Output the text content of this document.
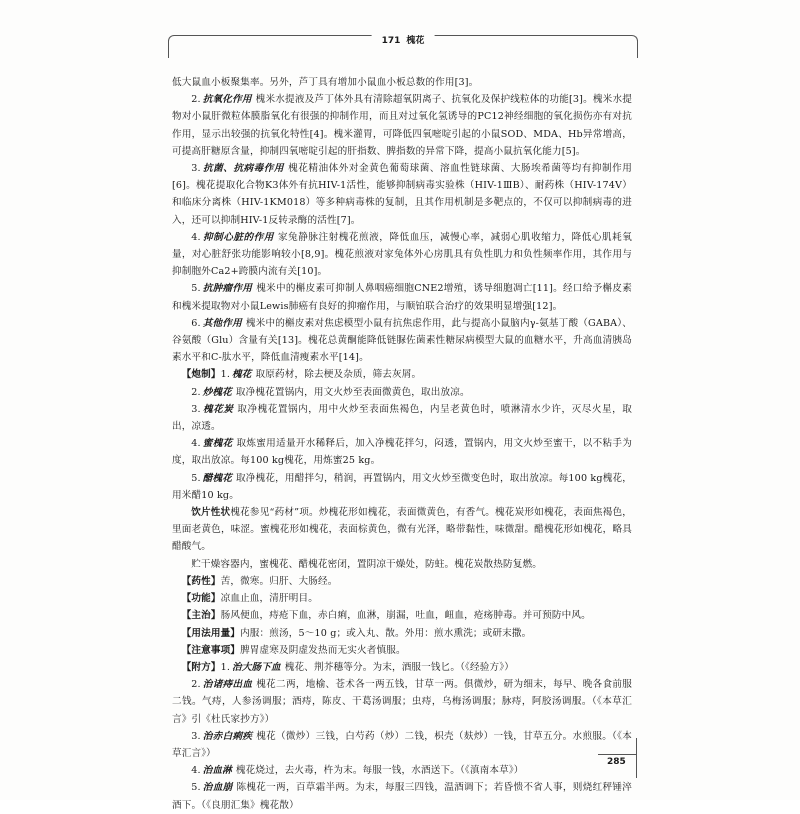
171 槐花

低大鼠血小板聚集率。另外，芦丁具有增加小鼠血小板总数的作用[3]。

2. 抗氧化作用 槐米水提液及芦丁体外具有清除超氧阴离子、抗氧化及保护线粒体的功能[3]。槐米水提物对小鼠肝微粒体膜脂氧化有很强的抑制作用，而且对过氧化氢诱导的PC12神经细胞的氧化损伤亦有对抗作用，显示出较强的抗氧化特性[4]。槐米灌胃，可降低四氧嘧啶引起的小鼠SOD、MDA、Hb异常增高，可提高肝糖原含量，抑制四氧嘧啶引起的肝指数、脾指数的异常下降，提高小鼠抗氧化能力[5]。

3. 抗菌、抗病毒作用 槐花精油体外对金黄色葡萄球菌、溶血性链球菌、大肠埃希菌等均有抑制作用[6]。槐花提取化合物K3体外有抗HIV-1活性，能够抑制病毒实验株（HIV-1ⅢB）、耐药株（HIV-174V）和临床分离株（HIV-1KM018）等多种病毒株的复制，且其作用机制是多靶点的，不仅可以抑制病毒的进入，还可以抑制HIV-1反转录酶的活性[7]。

4. 抑制心脏的作用 家兔静脉注射槐花煎液，降低血压，减慢心率，减弱心肌收缩力，降低心肌耗氧量，对心脏舒张功能影响较小[8,9]。槐花煎液对家兔体外心房肌具有负性肌力和负性频率作用，其作用与抑制胞外Ca2+跨膜内流有关[10]。

5. 抗肿瘤作用 槐米中的槲皮素可抑制人鼻咽癌细胞CNE2增殖，诱导细胞凋亡[11]。经口给予槲皮素和槐米提取物对小鼠Lewis肺癌有良好的抑瘤作用，与顺铂联合治疗的效果明显增强[12]。

6. 其他作用 槐米中的槲皮素对焦虑模型小鼠有抗焦虑作用，此与提高小鼠脑内γ-氨基丁酸（GABA）、谷氨酸（Glu）含量有关[13]。槐花总黄酮能降低链脲佐菌素性糖尿病模型大鼠的血糖水平，升高血清胰岛素水平和C-肽水平，降低血清瘦素水平[14]。

【炮制】1. 槐花 取原药材，除去梗及杂质，筛去灰屑。

2. 炒槐花 取净槐花置锅内，用文火炒至表面微黄色，取出放凉。

3. 槐花炭 取净槐花置锅内，用中火炒至表面焦褐色，内呈老黄色时，喷淋清水少许，灭尽火星，取出，凉透。

4. 蜜槐花 取炼蜜用适量开水稀释后，加入净槐花拌匀，闷透，置锅内，用文火炒至蜜干，以不粘手为度，取出放凉。每100 kg槐花，用炼蜜25 kg。

5. 醋槐花 取净槐花，用醋拌匀，稍润，再置锅内，用文火炒至微变色时，取出放凉。每100 kg槐花，用米醋10 kg。

饮片性状槐花参见“药材”项。炒槐花形如槐花，表面微黄色，有香气。槐花炭形如槐花，表面焦褐色，里面老黄色，味涩。蜜槐花形如槐花，表面棕黄色，微有光泽，略带黏性，味微甜。醋槐花形如槐花，略具醋酸气。

贮干燥容器内，蜜槐花、醋槐花密闭，置阴凉干燥处，防蛀。槐花炭散热防复燃。

【药性】苦，微寒。归肝、大肠经。

【功能】凉血止血，清肝明目。

【主治】肠风便血，痔疮下血，赤白痢，血淋，崩漏，吐血，衄血，疮疡肿毒。并可预防中风。

【用法用量】内服：煎汤，5～10 g；或入丸、散。外用：煎水熏洗；或研末撒。

【注意事项】脾胃虚寒及阴虚发热而无实火者慎服。

【附方】1. 治大肠下血 槐花、荆芥穗等分。为末，酒服一钱匕。（《经验方》）

2. 治诸痔出血 槐花二两，地榆、苍术各一两五钱，甘草一两。俱微炒，研为细末，每早、晚各食前服二钱。气痔，人参汤调服；酒痔，陈皮、干葛汤调服；虫痔，乌梅汤调服；脉痔，阿胶汤调服。（《本草汇言》引《杜氏家抄方》）

3. 治赤白痢疾 槐花（微炒）三钱，白芍药（炒）二钱，枳壳（麸炒）一钱，甘草五分。水煎服。（《本草汇言》）

4. 治血淋 槐花烧过，去火毒，杵为末。每服一钱，水酒送下。（《滇南本草》）

5. 治血崩 陈槐花一两，百草霜半两。为末，每服三四钱，温酒调下；若昏愦不省人事，则烧红秤锤淬酒下。（《良朋汇集》槐花散）

285
